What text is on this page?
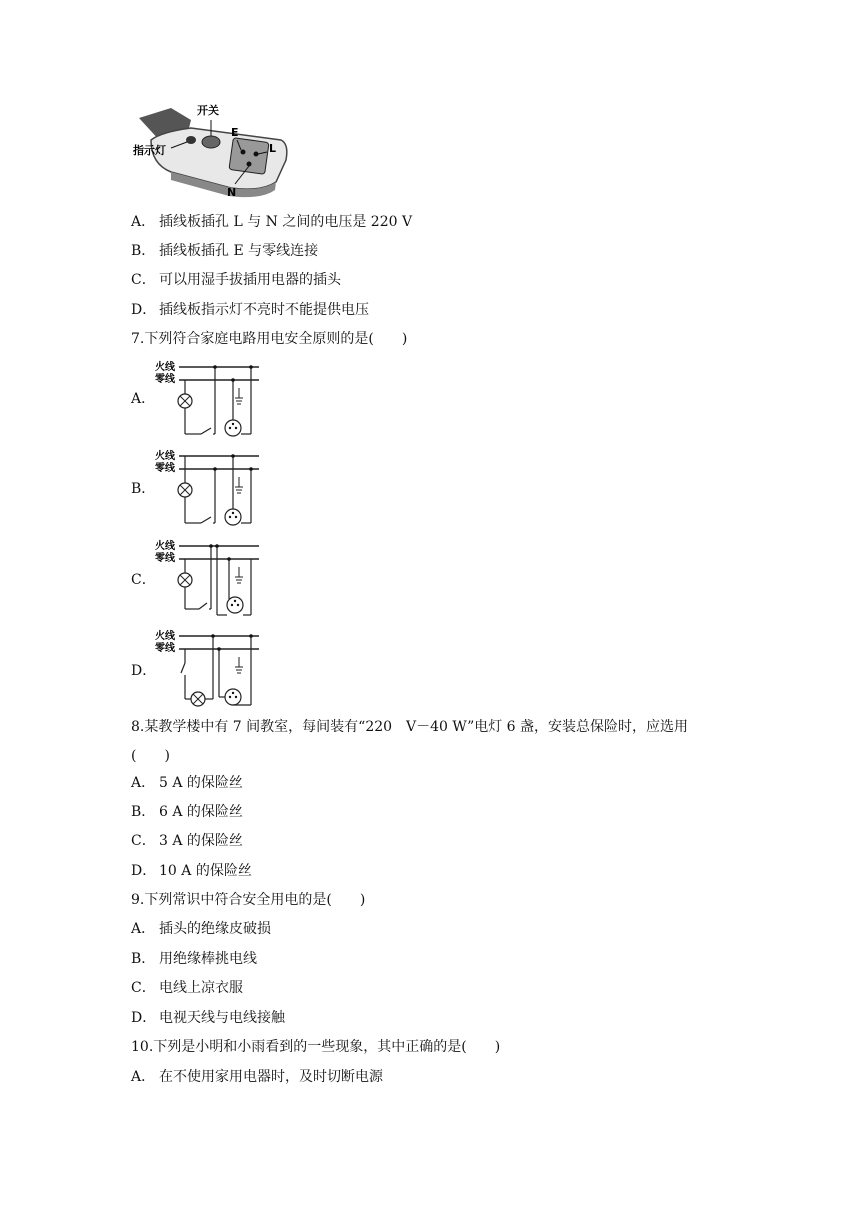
开关
指示灯
E
L
N
A． 插线板插孔 L 与 N 之间的电压是 220 V
B． 插线板插孔 E 与零线连接
C． 可以用湿手拔插用电器的插头
D． 插线板指示灯不亮时不能提供电压
7.下列符合家庭电路用电安全原则的是(　　)
A．
火线
零线
B．
火线
零线
C．
火线
零线
D．
火线
零线
8.某教学楼中有 7 间教室，每间装有“220　V－40 W”电灯 6 盏，安装总保险时，应选用
(　　)
A． 5 A 的保险丝
B． 6 A 的保险丝
C． 3 A 的保险丝
D． 10 A 的保险丝
9.下列常识中符合安全用电的是(　　)
A． 插头的绝缘皮破损
B． 用绝缘棒挑电线
C． 电线上凉衣服
D． 电视天线与电线接触
10.下列是小明和小雨看到的一些现象，其中正确的是(　　)
A． 在不使用家用电器时，及时切断电源
